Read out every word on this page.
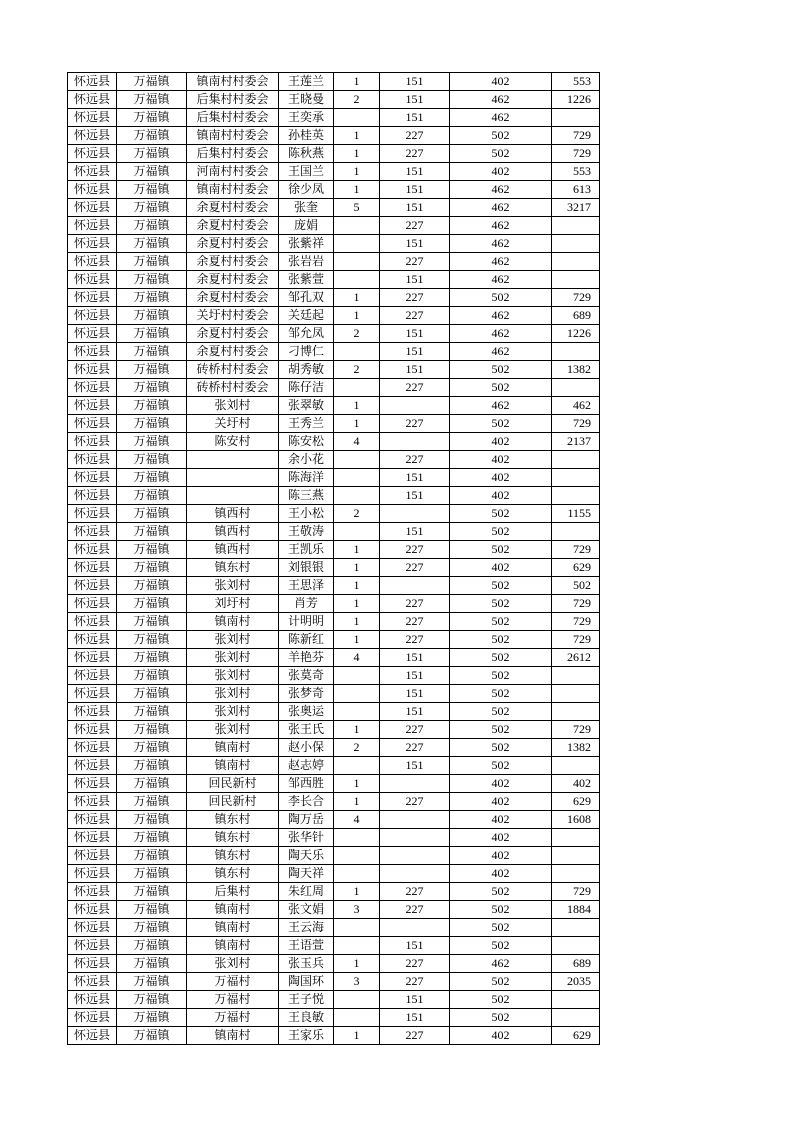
怀远县	万福镇	镇南村村委会	王莲兰	1	151	402	553
怀远县	万福镇	后集村村委会	王晓曼	2	151	462	1226
怀远县	万福镇	后集村村委会	王奕承		151	462	
怀远县	万福镇	镇南村村委会	孙桂英	1	227	502	729
怀远县	万福镇	后集村村委会	陈秋燕	1	227	502	729
怀远县	万福镇	河南村村委会	王国兰	1	151	402	553
怀远县	万福镇	镇南村村委会	徐少凤	1	151	462	613
怀远县	万福镇	余夏村村委会	张奎	5	151	462	3217
怀远县	万福镇	余夏村村委会	庞娟		227	462	
怀远县	万福镇	余夏村村委会	张紫祥		151	462	
怀远县	万福镇	余夏村村委会	张岩岩		227	462	
怀远县	万福镇	余夏村村委会	张紫萱		151	462	
怀远县	万福镇	余夏村村委会	邹孔双	1	227	502	729
怀远县	万福镇	关圩村村委会	关廷起	1	227	462	689
怀远县	万福镇	余夏村村委会	邹允凤	2	151	462	1226
怀远县	万福镇	余夏村村委会	刁博仁		151	462	
怀远县	万福镇	砖桥村村委会	胡秀敏	2	151	502	1382
怀远县	万福镇	砖桥村村委会	陈仔洁		227	502	
怀远县	万福镇	张刘村	张翠敏	1		462	462
怀远县	万福镇	关圩村	王秀兰	1	227	502	729
怀远县	万福镇	陈安村	陈安松	4		402	2137
怀远县	万福镇		余小花		227	402	
怀远县	万福镇		陈海洋		151	402	
怀远县	万福镇		陈三燕		151	402	
怀远县	万福镇	镇西村	王小松	2		502	1155
怀远县	万福镇	镇西村	王敬涛		151	502	
怀远县	万福镇	镇西村	王凯乐	1	227	502	729
怀远县	万福镇	镇东村	刘银银	1	227	402	629
怀远县	万福镇	张刘村	王思泽	1		502	502
怀远县	万福镇	刘圩村	肖芳	1	227	502	729
怀远县	万福镇	镇南村	计明明	1	227	502	729
怀远县	万福镇	张刘村	陈新红	1	227	502	729
怀远县	万福镇	张刘村	羊艳芬	4	151	502	2612
怀远县	万福镇	张刘村	张莫奇		151	502	
怀远县	万福镇	张刘村	张梦奇		151	502	
怀远县	万福镇	张刘村	张奥运		151	502	
怀远县	万福镇	张刘村	张王氏	1	227	502	729
怀远县	万福镇	镇南村	赵小保	2	227	502	1382
怀远县	万福镇	镇南村	赵志婷		151	502	
怀远县	万福镇	回民新村	邹西胜	1		402	402
怀远县	万福镇	回民新村	李长合	1	227	402	629
怀远县	万福镇	镇东村	陶万岳	4		402	1608
怀远县	万福镇	镇东村	张华针			402	
怀远县	万福镇	镇东村	陶天乐			402	
怀远县	万福镇	镇东村	陶天祥			402	
怀远县	万福镇	后集村	朱红周	1	227	502	729
怀远县	万福镇	镇南村	张文娟	3	227	502	1884
怀远县	万福镇	镇南村	王云海			502	
怀远县	万福镇	镇南村	王语萱		151	502	
怀远县	万福镇	张刘村	张玉兵	1	227	462	689
怀远县	万福镇	万福村	陶国环	3	227	502	2035
怀远县	万福镇	万福村	王子悦		151	502	
怀远县	万福镇	万福村	王良敏		151	502	
怀远县	万福镇	镇南村	王家乐	1	227	402	629
